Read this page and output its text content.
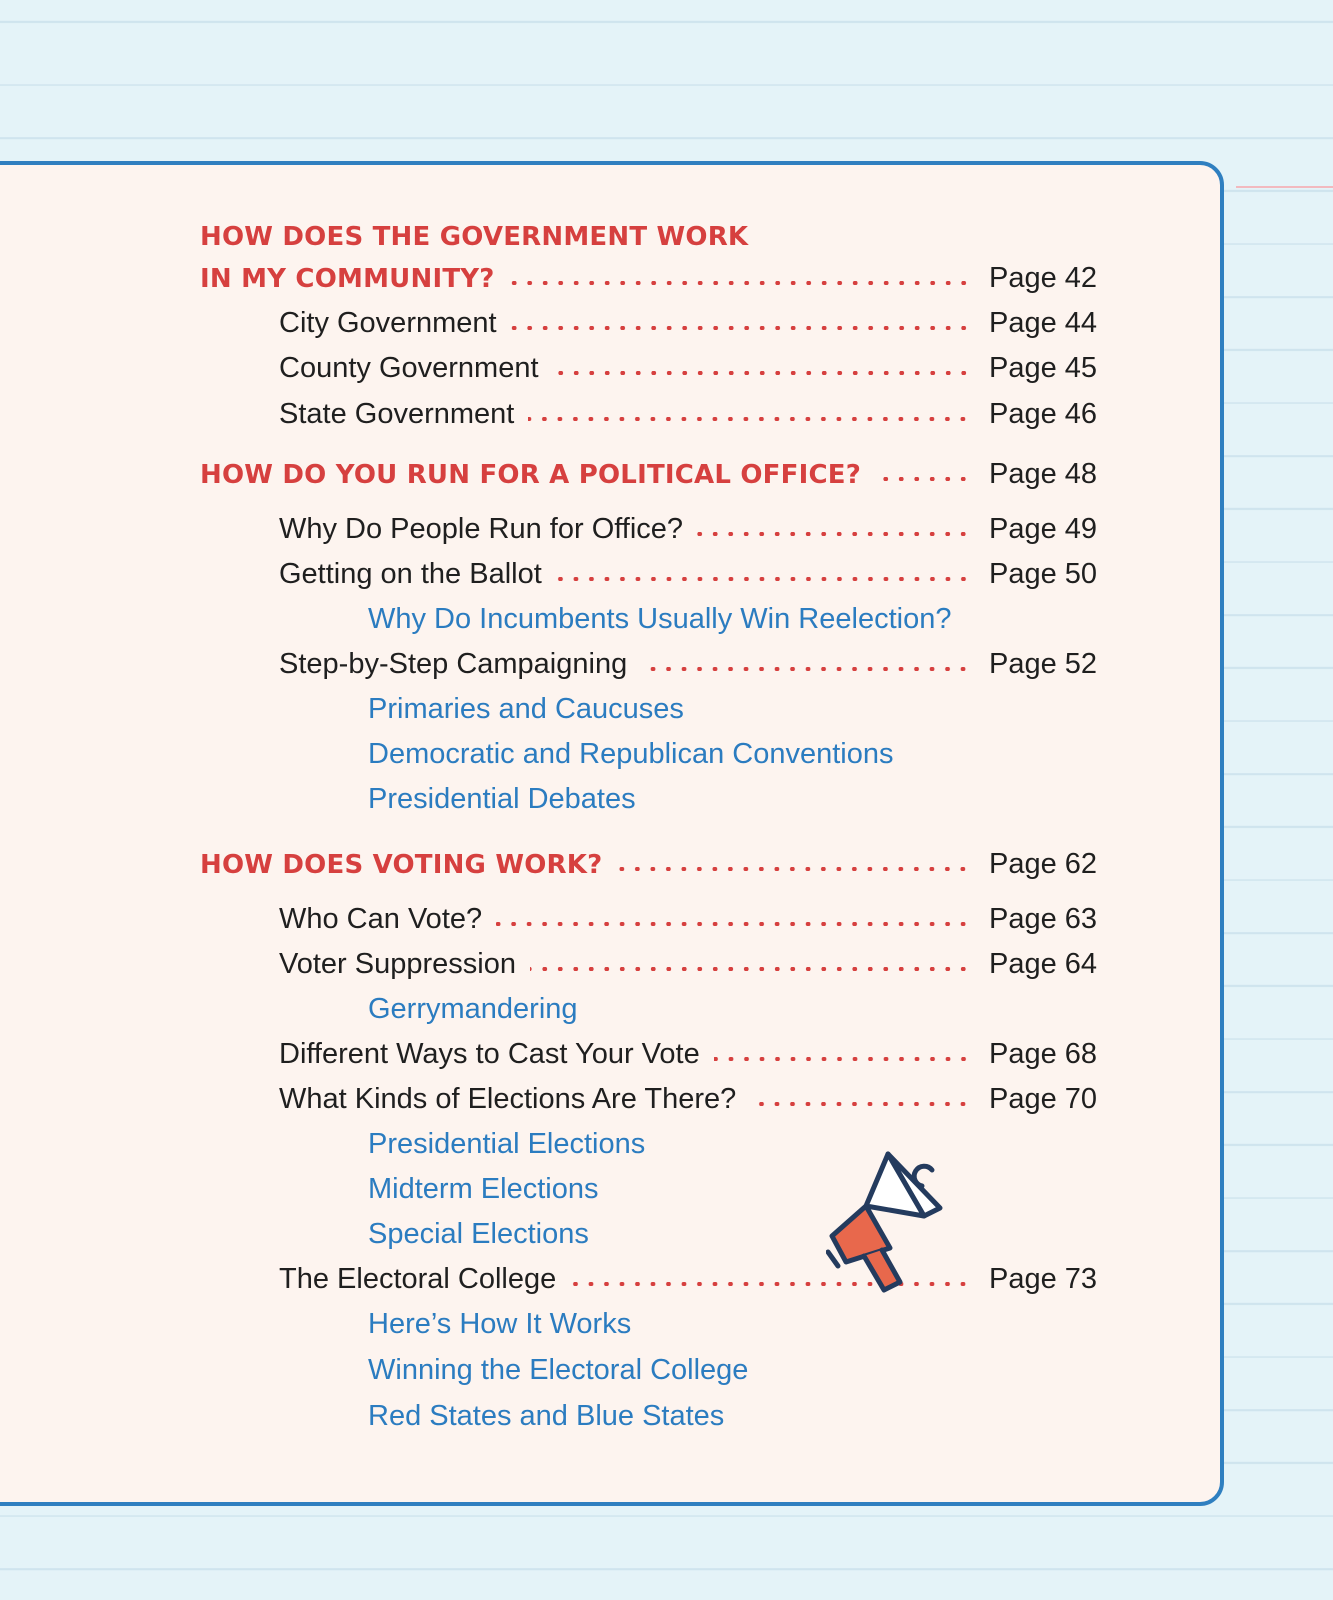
HOW DOES THE GOVERNMENT WORK
IN MY COMMUNITY?	Page 42
City Government	Page 44
County Government	Page 45
State Government	Page 46
HOW DO YOU RUN FOR A POLITICAL OFFICE?	Page 48
Why Do People Run for Office?	Page 49
Getting on the Ballot	Page 50
Why Do Incumbents Usually Win Reelection?
Step-by-Step Campaigning	Page 52
Primaries and Caucuses
Democratic and Republican Conventions
Presidential Debates
HOW DOES VOTING WORK?	Page 62
Who Can Vote?	Page 63
Voter Suppression	Page 64
Gerrymandering
Different Ways to Cast Your Vote	Page 68
What Kinds of Elections Are There?	Page 70
Presidential Elections
Midterm Elections
Special Elections
The Electoral College	Page 73
Here’s How It Works
Winning the Electoral College
Red States and Blue States
